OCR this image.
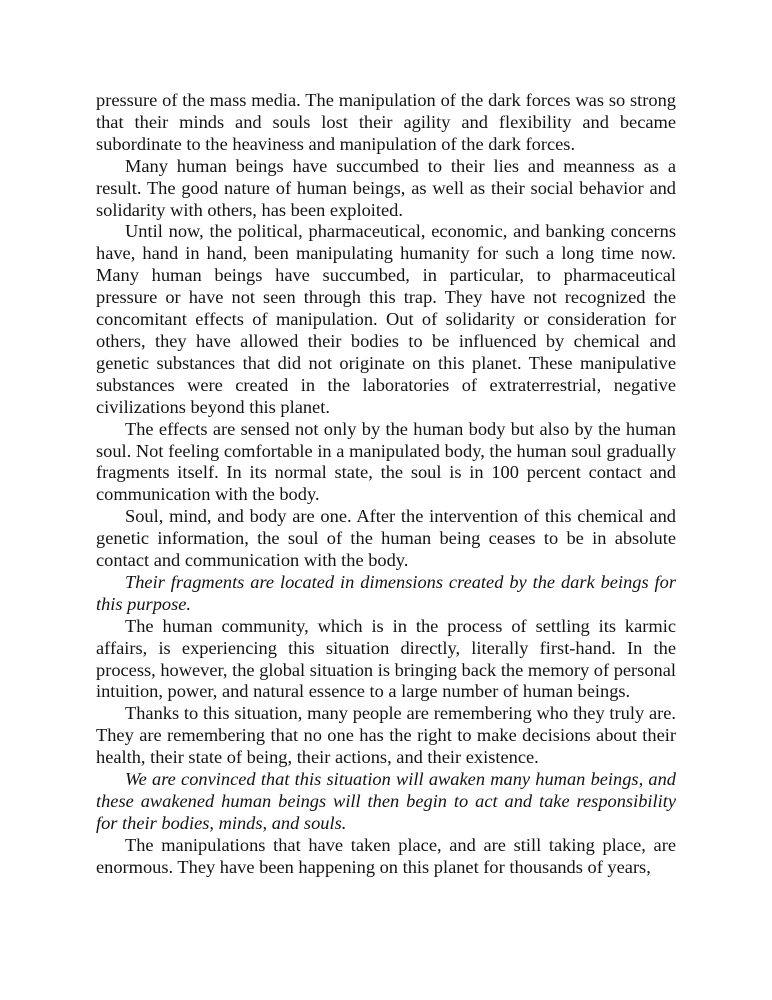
pressure of the mass media. The manipulation of the dark forces was so strong that their minds and souls lost their agility and flexibility and became subordinate to the heaviness and manipulation of the dark forces.

Many human beings have succumbed to their lies and meanness as a result. The good nature of human beings, as well as their social behavior and solidarity with others, has been exploited.

Until now, the political, pharmaceutical, economic, and banking concerns have, hand in hand, been manipulating humanity for such a long time now. Many human beings have succumbed, in particular, to pharmaceutical pressure or have not seen through this trap. They have not recognized the concomitant effects of manipulation. Out of solidarity or consideration for others, they have allowed their bodies to be influenced by chemical and genetic substances that did not originate on this planet. These manipulative substances were created in the laboratories of extraterrestrial, negative civilizations beyond this planet.

The effects are sensed not only by the human body but also by the human soul. Not feeling comfortable in a manipulated body, the human soul gradually fragments itself. In its normal state, the soul is in 100 percent contact and communication with the body.

Soul, mind, and body are one. After the intervention of this chemical and genetic information, the soul of the human being ceases to be in absolute contact and communication with the body.

Their fragments are located in dimensions created by the dark beings for this purpose.

The human community, which is in the process of settling its karmic affairs, is experiencing this situation directly, literally first-hand. In the process, however, the global situation is bringing back the memory of personal intuition, power, and natural essence to a large number of human beings.

Thanks to this situation, many people are remembering who they truly are. They are remembering that no one has the right to make decisions about their health, their state of being, their actions, and their existence.

We are convinced that this situation will awaken many human beings, and these awakened human beings will then begin to act and take responsibility for their bodies, minds, and souls.

The manipulations that have taken place, and are still taking place, are enormous. They have been happening on this planet for thousands of years,
